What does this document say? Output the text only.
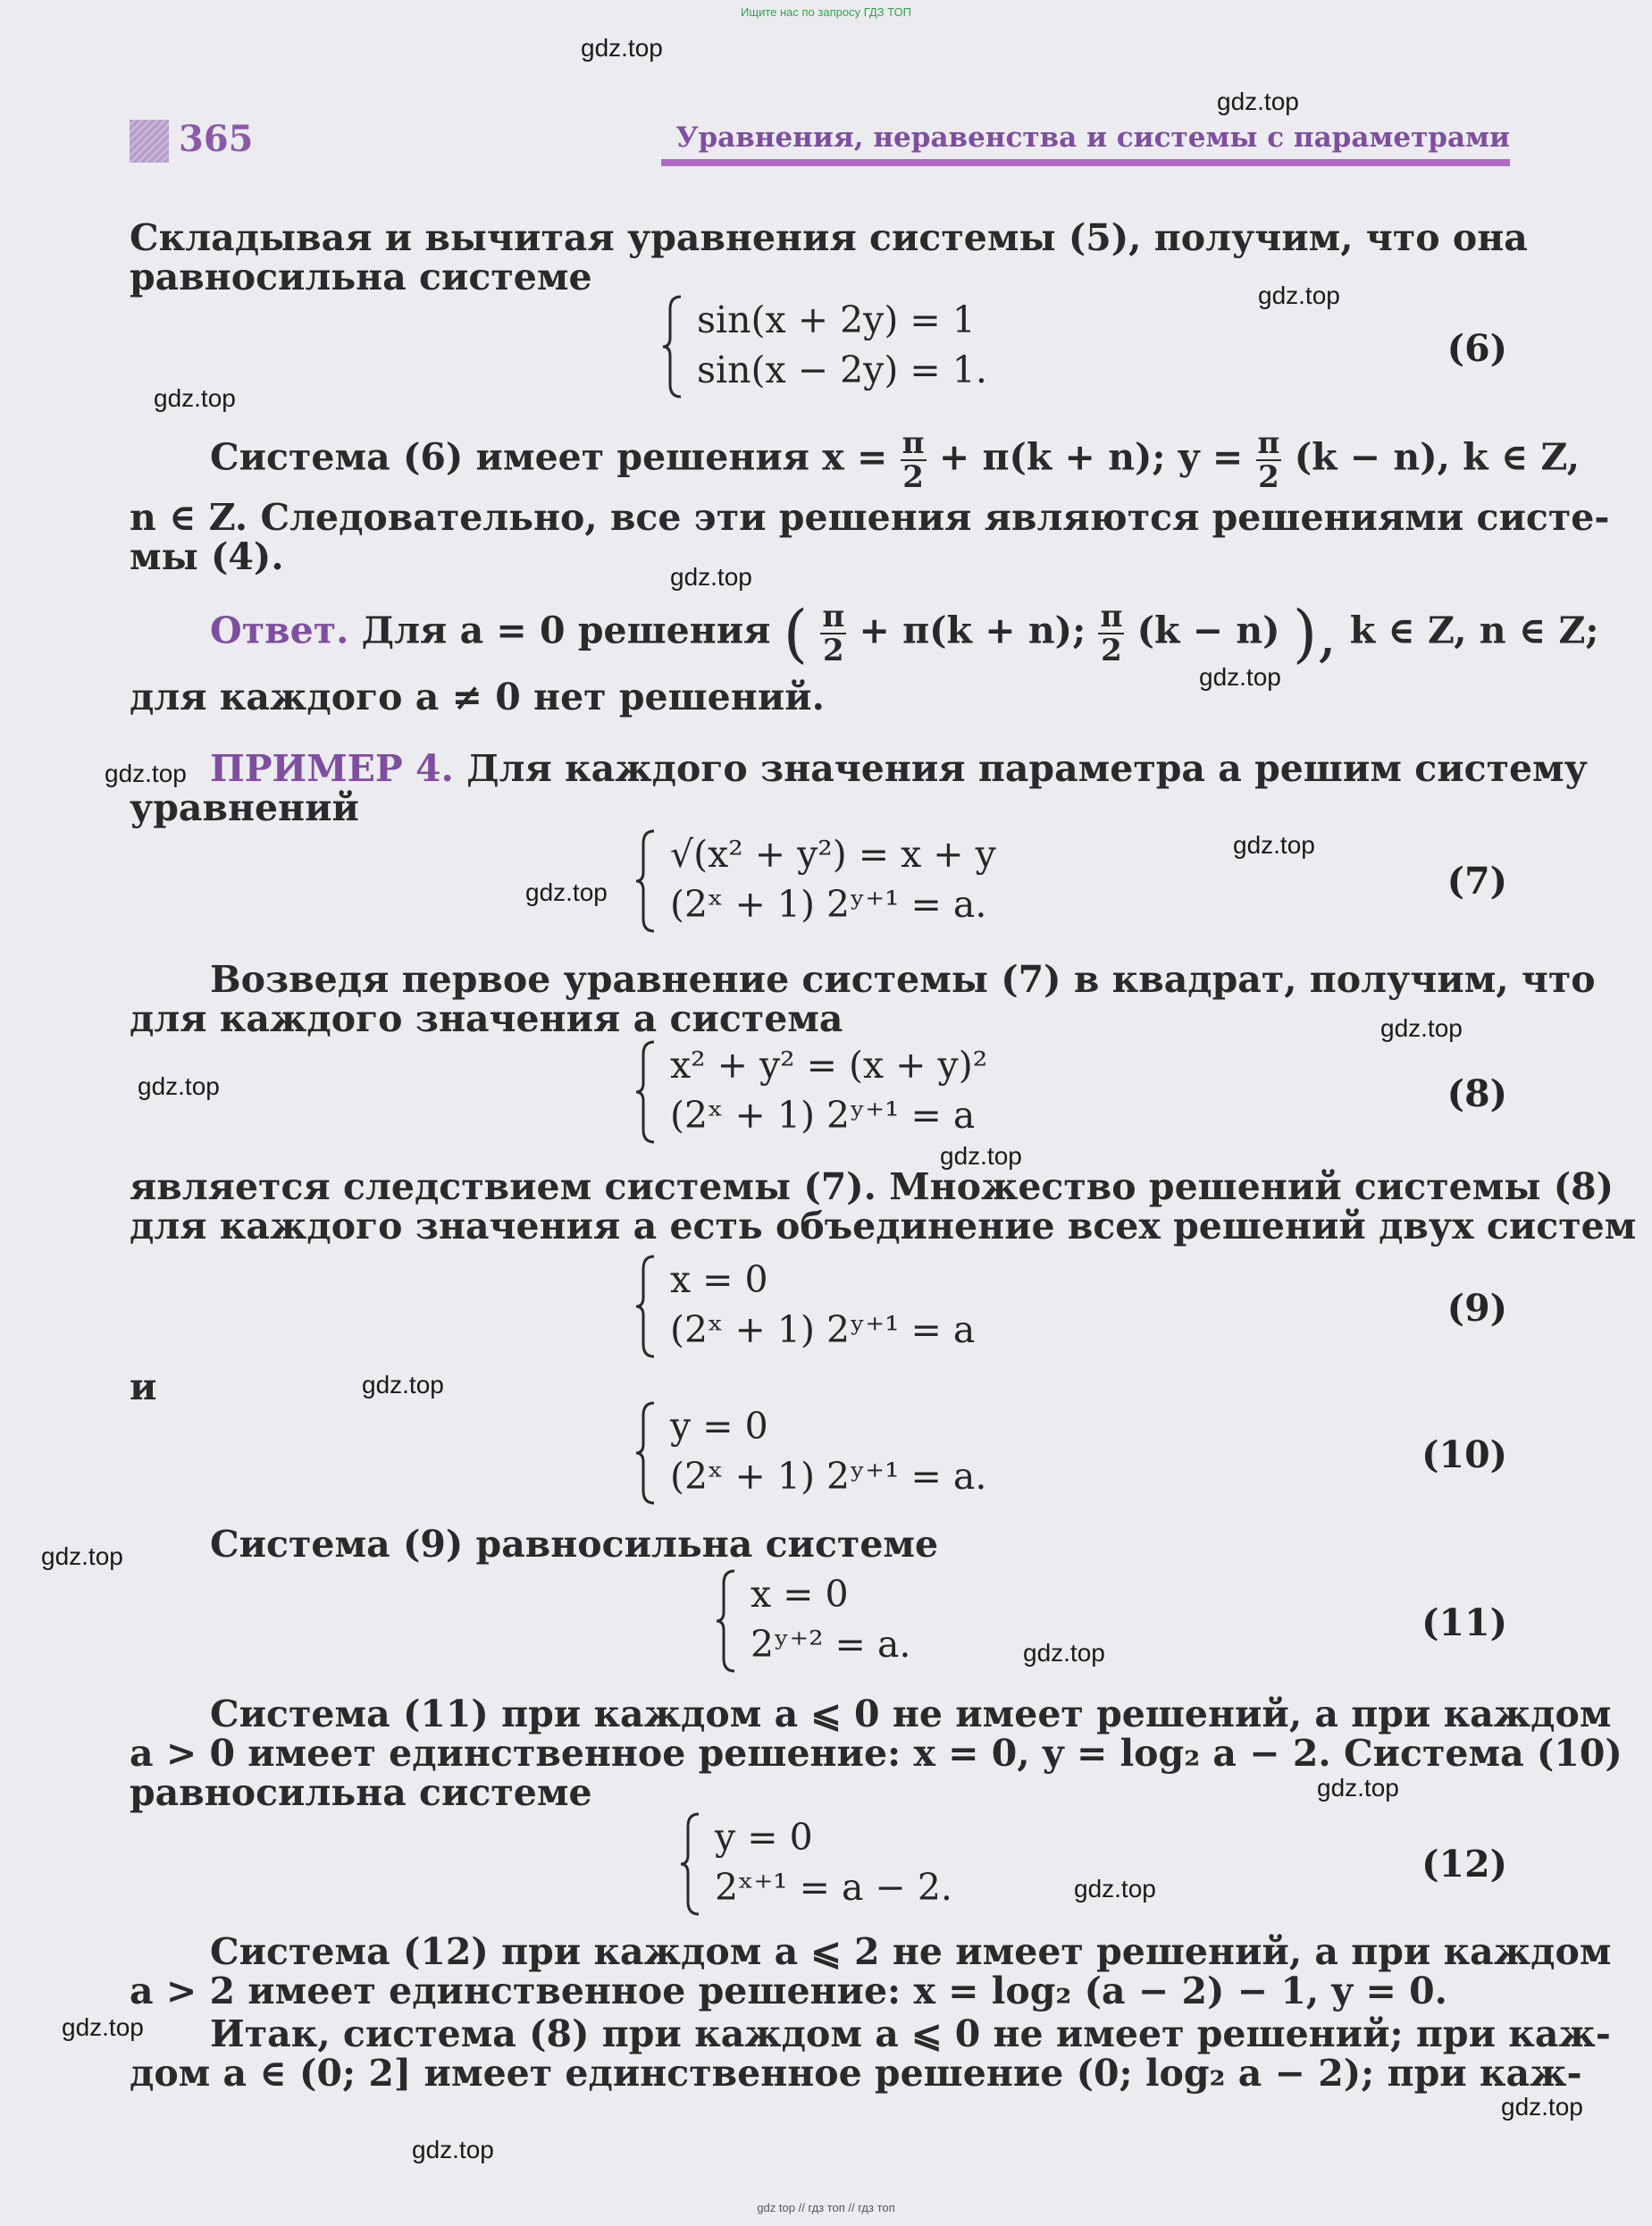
Ищите нас по запросу ГДЗ ТОП
365	Уравнения, неравенства и системы с параметрами
Складывая и вычитая уравнения системы (5), получим, что она
равносильна системе
sin(x + 2y) = 1
sin(x − 2y) = 1.	(6)
Система (6) имеет решения $x = \frac{\pi}{2} + \pi(k + n)$; $y = \frac{\pi}{2} (k - n)$, k ∈ Z,
n ∈ Z. Следовательно, все эти решения являются решениями систе-
мы (4).
Ответ. Для a = 0 решения ( $\frac{\pi}{2} + \pi(k + n)$; $\frac{\pi}{2} (k - n)$ ), k ∈ Z, n ∈ Z;
для каждого a ≠ 0 нет решений.
ПРИМЕР 4. Для каждого значения параметра a решим систему
уравнений
√(x² + y²) = x + y
(2ˣ + 1) 2ʸ⁺¹ = a.
(7)
Возведя первое уравнение системы (7) в квадрат, получим, что
для каждого значения a система
x² + y² = (x + y)²
(2ˣ + 1) 2ʸ⁺¹ = a	(8)
является следствием системы (7). Множество решений системы (8)
для каждого значения a есть объединение всех решений двух систем
x = 0
(2ˣ + 1) 2ʸ⁺¹ = a	(9)
и
y = 0
(2ˣ + 1) 2ʸ⁺¹ = a.	(10)
Система (9) равносильна системе
x = 0
2ʸ⁺² = a.	(11)
Система (11) при каждом a ⩽ 0 не имеет решений, а при каждом
a > 0 имеет единственное решение: x = 0, y = log₂ a − 2. Система (10)
равносильна системе
y = 0
2ˣ⁺¹ = a − 2.
(12)
Система (12) при каждом a ⩽ 2 не имеет решений, а при каждом
a > 2 имеет единственное решение: x = log₂ (a − 2) − 1, y = 0.
Итак, система (8) при каждом a ⩽ 0 не имеет решений; при каж-
дом a ∈ (0; 2] имеет единственное решение (0; log₂ a − 2); при каж-
gdz.top
gdz.top
gdz.top
gdz.top
gdz.top
gdz.top
gdz.top
gdz.top
gdz.top
gdz.top
gdz.top
gdz.top
gdz.top
gdz.top
gdz.top
gdz.top
gdz.top
gdz.top
gdz.top
gdz.top
gdz top // гдз топ // гдз топ
